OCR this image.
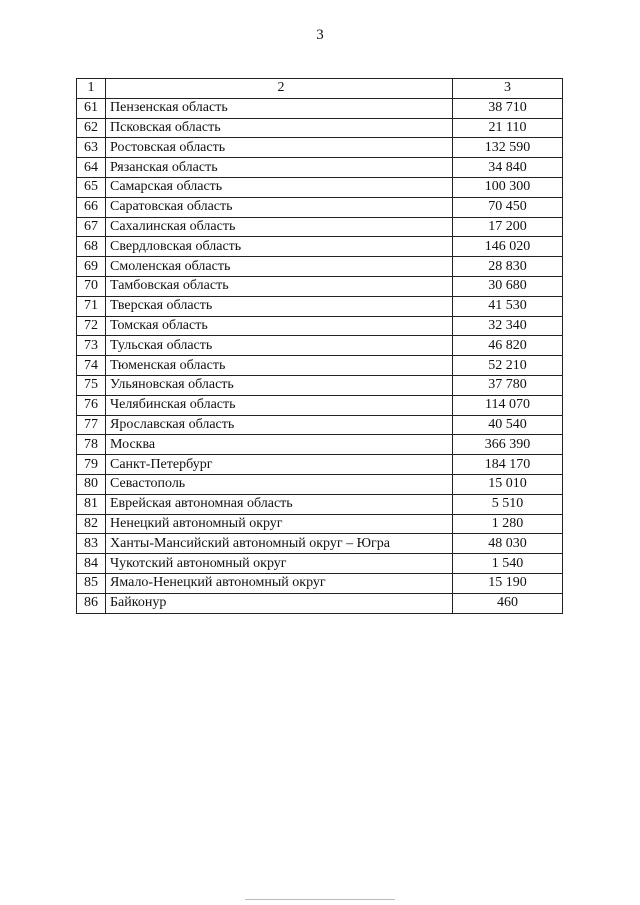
3
1	2	3
61	Пензенская область	38 710
62	Псковская область	21 110
63	Ростовская область	132 590
64	Рязанская область	34 840
65	Самарская область	100 300
66	Саратовская область	70 450
67	Сахалинская область	17 200
68	Свердловская область	146 020
69	Смоленская область	28 830
70	Тамбовская область	30 680
71	Тверская область	41 530
72	Томская область	32 340
73	Тульская область	46 820
74	Тюменская область	52 210
75	Ульяновская область	37 780
76	Челябинская область	114 070
77	Ярославская область	40 540
78	Москва	366 390
79	Санкт-Петербург	184 170
80	Севастополь	15 010
81	Еврейская автономная область	5 510
82	Ненецкий автономный округ	1 280
83	Ханты-Мансийский автономный округ – Югра	48 030
84	Чукотский автономный округ	1 540
85	Ямало-Ненецкий автономный округ	15 190
86	Байконур	460
